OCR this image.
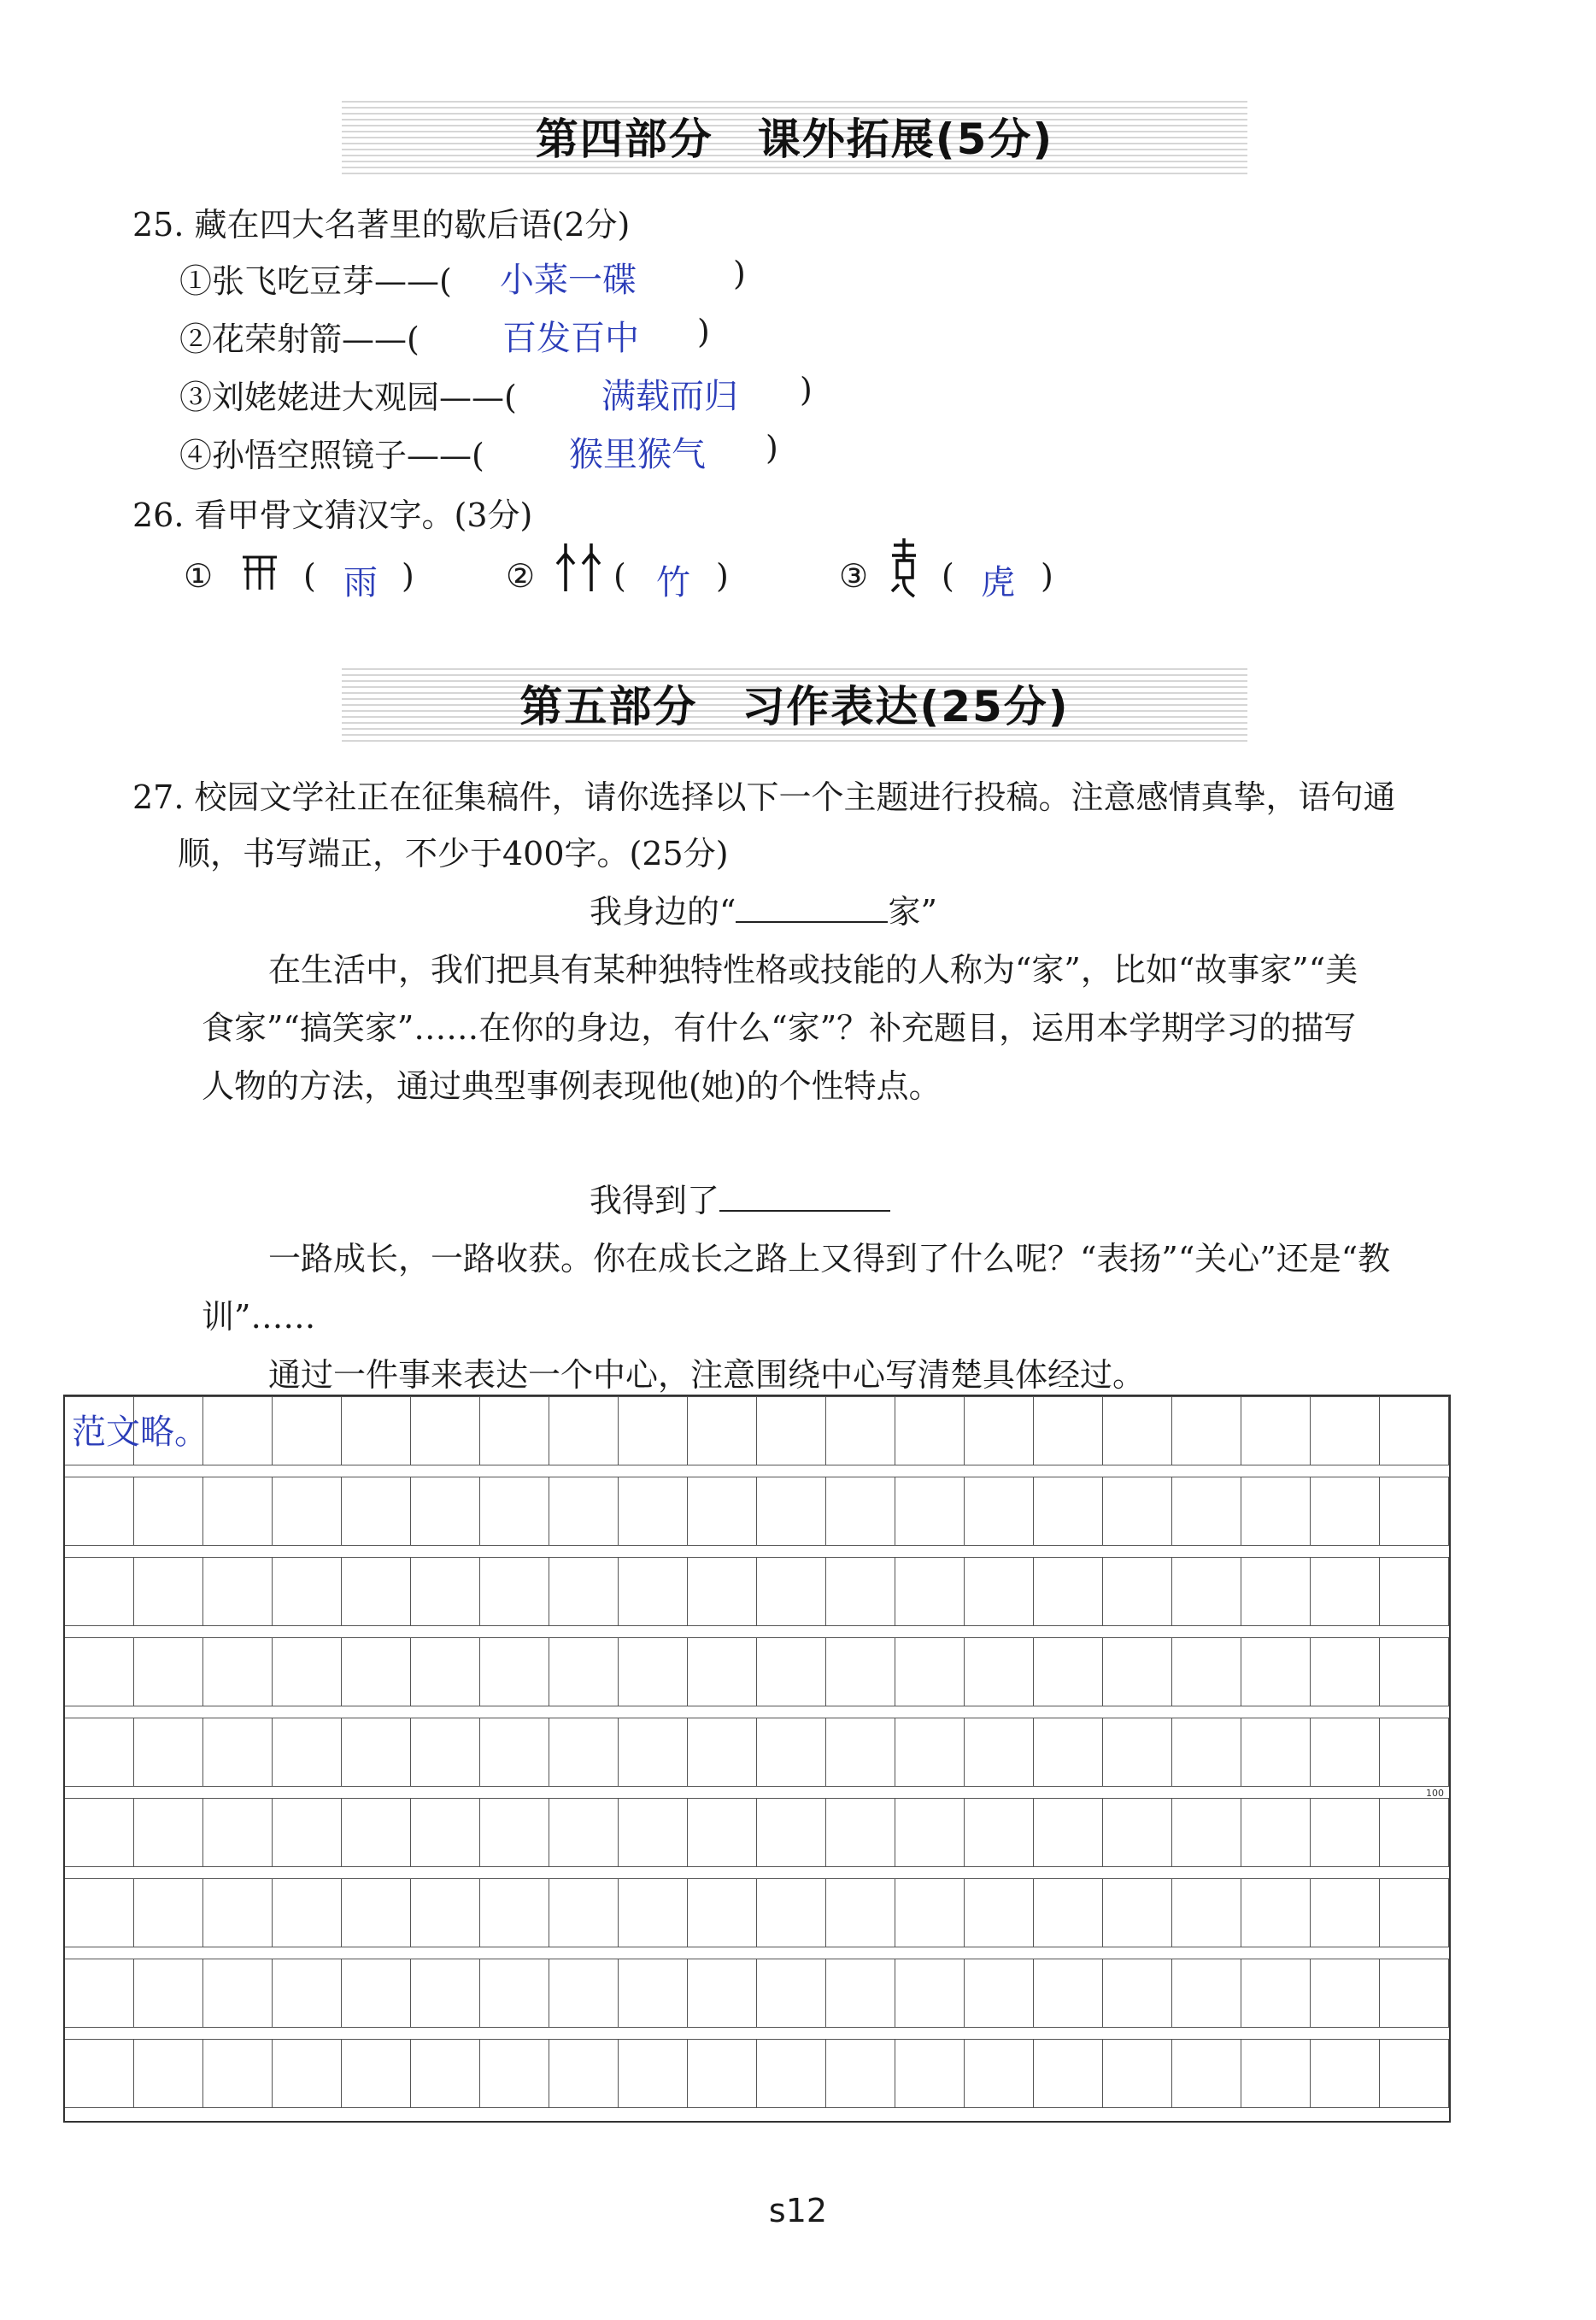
第四部分　课外拓展(5分)
25. 藏在四大名著里的歇后语(2分)
①张飞吃豆芽——( 小菜一碟	)
②花荣射箭——( 百发百中 )
③刘姥姥进大观园——( 满载而归 )
④孙悟空照镜子——( 猴里猴气 )
26. 看甲骨文猜汉字。(3分)
①	( 雨 )	② ( 竹 )	③ ( 虎 )
第五部分　习作表达(25分)
27. 校园文学社正在征集稿件，请你选择以下一个主题进行投稿。注意感情真挚，语句通
顺，书写端正，不少于400字。(25分)
我身边的“	家”
在生活中，我们把具有某种独特性格或技能的人称为“家”，比如“故事家”“美
食家”“搞笑家”……在你的身边，有什么“家”？补充题目，运用本学期学习的描写
人物的方法，通过典型事例表现他(她)的个性特点。
我得到了
一路成长，一路收获。你在成长之路上又得到了什么呢？“表扬”“关心”还是“教
训”……
通过一件事来表达一个中心，注意围绕中心写清楚具体经过。
100
范文略。
s12
